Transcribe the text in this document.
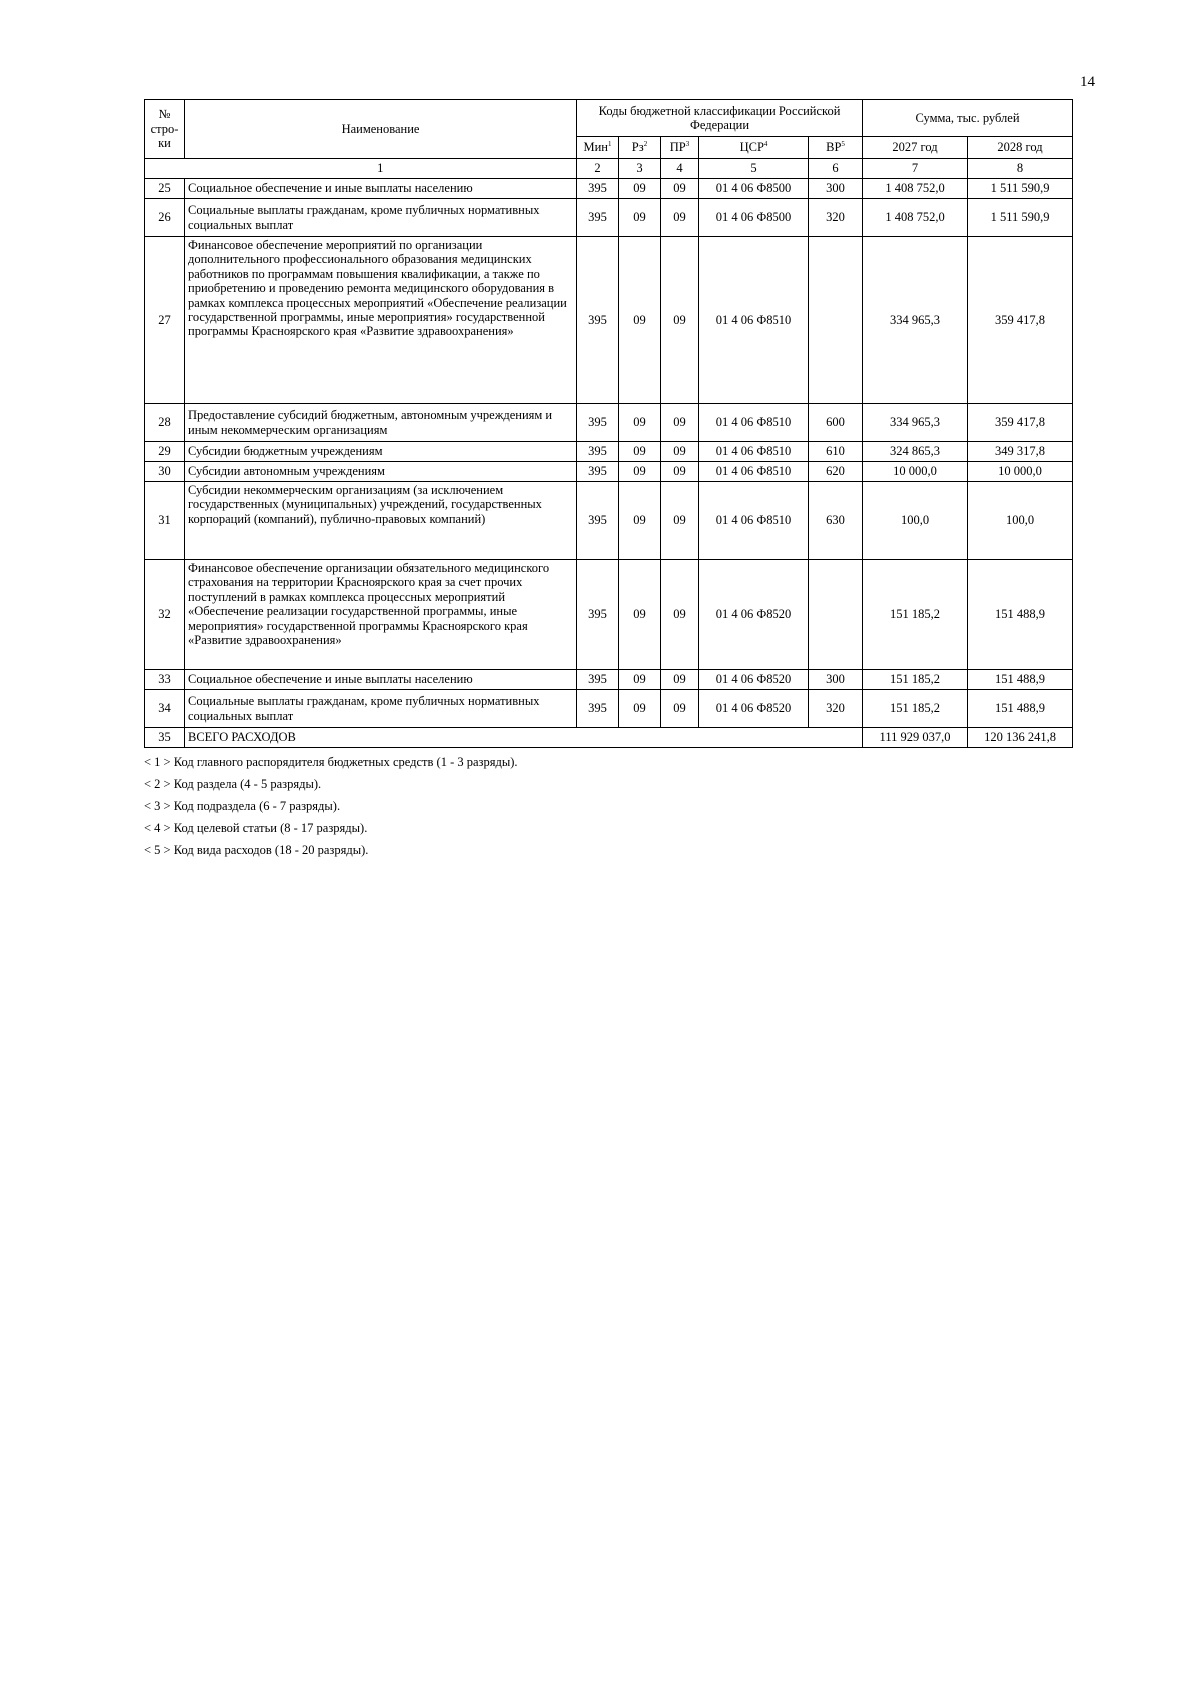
14
№ стро-ки	Наименование	Коды бюджетной классификации Российской Федерации					Сумма, тыс. рублей	
		Мин$^1$	$Рз^2$	$ПР^3$	ЦСР$^4$	$ВР^5$	2027 год	2028 год
	1	2	3	4	5	6	7	8
25	Социальное обеспечение и иные выплаты населению	395	09	09	01 4 06 Ф8500	300	1 408 752,0	1 511 590,9
26	Социальные выплаты гражданам, кроме публичных нормативных социальных выплат	395	09	09	01 4 06 Ф8500	320	1 408 752,0	1 511 590,9
27	Финансовое обеспечение мероприятий по организации дополнительного профессионального образования медицинских работников по программам повышения квалификации, а также по приобретению и проведению ремонта медицинского оборудования в рамках комплекса процессных мероприятий «Обеспечение реализации государственной программы, иные мероприятия» государственной программы Красноярского края «Развитие здравоохранения»	395	09	09	01 4 06 Ф8510		334 965,3	359 417,8
28	Предоставление субсидий бюджетным, автономным учреждениям и иным некоммерческим организациям	395	09	09	01 4 06 Ф8510	600	334 965,3	359 417,8
29	Субсидии бюджетным учреждениям	395	09	09	01 4 06 Ф8510	610	324 865,3	349 317,8
30	Субсидии автономным учреждениям	395	09	09	01 4 06 Ф8510	620	10 000,0	10 000,0
31	Субсидии некоммерческим организациям (за исключением государственных (муниципальных) учреждений, государственных корпораций (компаний), публично-правовых компаний)	395	09	09	01 4 06 Ф8510	630	100,0	100,0
32	Финансовое обеспечение организации обязательного медицинского страхования на территории Красноярского края за счет прочих поступлений в рамках комплекса процессных мероприятий «Обеспечение реализации государственной программы, иные мероприятия» государственной программы Красноярского края «Развитие здравоохранения»	395	09	09	01 4 06 Ф8520		151 185,2	151 488,9
33	Социальное обеспечение и иные выплаты населению	395	09	09	01 4 06 Ф8520	300	151 185,2	151 488,9
34	Социальные выплаты гражданам, кроме публичных нормативных социальных выплат	395	09	09	01 4 06 Ф8520	320	151 185,2	151 488,9
35	ВСЕГО РАСХОДОВ						111 929 037,0	120 136 241,8
< 1 > Код главного распорядителя бюджетных средств (1 - 3 разряды).
< 2 > Код раздела (4 - 5 разряды).
< 3 > Код подраздела (6 - 7 разряды).
< 4 > Код целевой статьи (8 - 17 разряды).
< 5 > Код вида расходов (18 - 20 разряды).
